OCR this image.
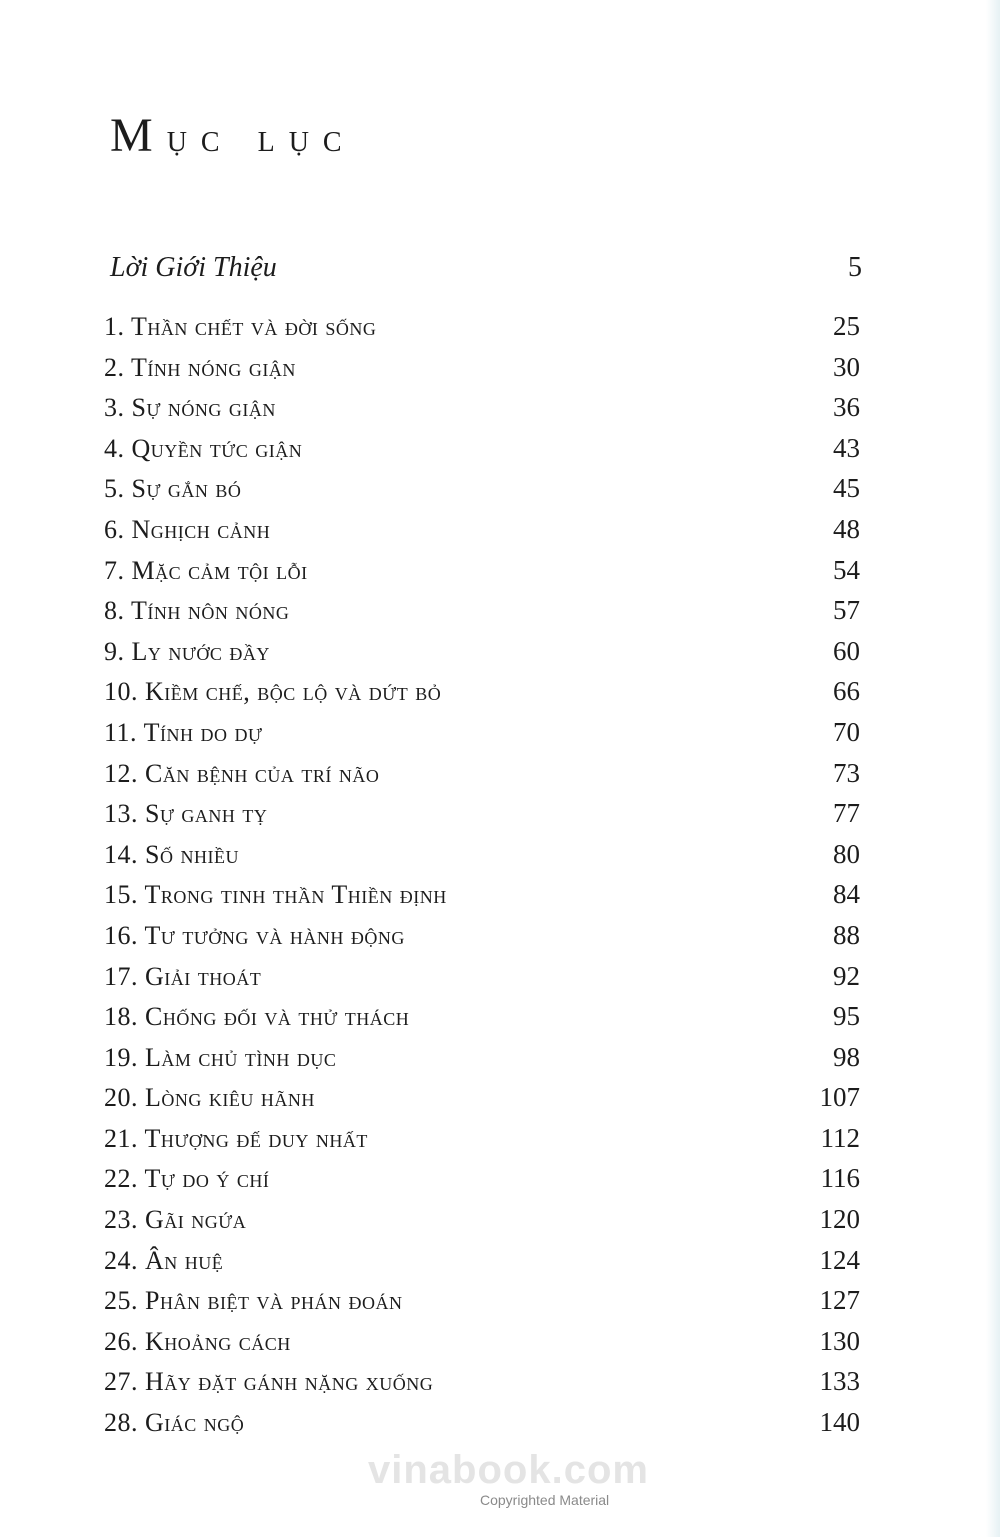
Mục lục
Lời Giới Thiệu	5
1. Thần chết và đời sống	25
2. Tính nóng giận	30
3. Sự nóng giận	36
4. Quyền tức giận	43
5. Sự gắn bó	45
6. Nghịch cảnh	48
7. Mặc cảm tội lỗi	54
8. Tính nôn nóng	57
9. Ly nước đầy	60
10. Kiềm chế, bộc lộ và dứt bỏ	66
11. Tính do dự	70
12. Căn bệnh của trí não	73
13. Sự ganh tỵ	77
14. Số nhiều	80
15. Trong tinh thần Thiền định	84
16. Tư tưởng và hành động	88
17. Giải thoát	92
18. Chống đối và thử thách	95
19. Làm chủ tình dục	98
20. Lòng kiêu hãnh	107
21. Thượng đế duy nhất	112
22. Tự do ý chí	116
23. Gãi ngứa	120
24. Ân huệ	124
25. Phân biệt và phán đoán	127
26. Khoảng cách	130
27. Hãy đặt gánh nặng xuống	133
28. Giác ngộ	140
vinabook.com
Copyrighted Material
